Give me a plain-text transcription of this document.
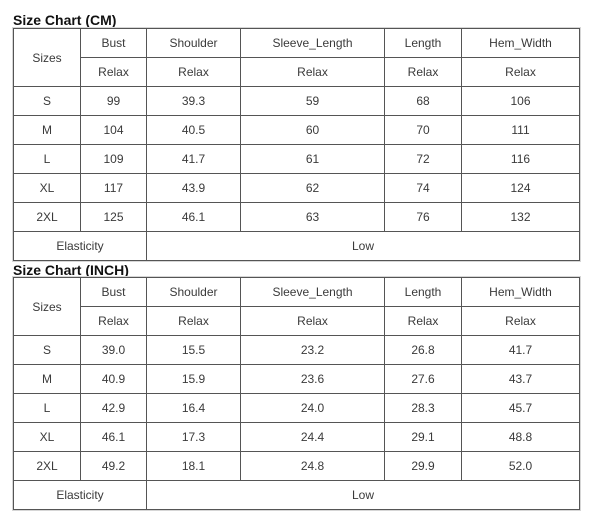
Size Chart (CM)
Sizes	Bust	Shoulder	Sleeve_Length	Length	Hem_Width
	Relax	Relax	Relax	Relax	Relax
S	99	39.3	59	68	106
M	104	40.5	60	70	111
L	109	41.7	61	72	116
XL	117	43.9	62	74	124
2XL	125	46.1	63	76	132
Elasticity		Low			
Size Chart (INCH)
Sizes	Bust	Shoulder	Sleeve_Length	Length	Hem_Width
	Relax	Relax	Relax	Relax	Relax
S	39.0	15.5	23.2	26.8	41.7
M	40.9	15.9	23.6	27.6	43.7
L	42.9	16.4	24.0	28.3	45.7
XL	46.1	17.3	24.4	29.1	48.8
2XL	49.2	18.1	24.8	29.9	52.0
Elasticity		Low			
